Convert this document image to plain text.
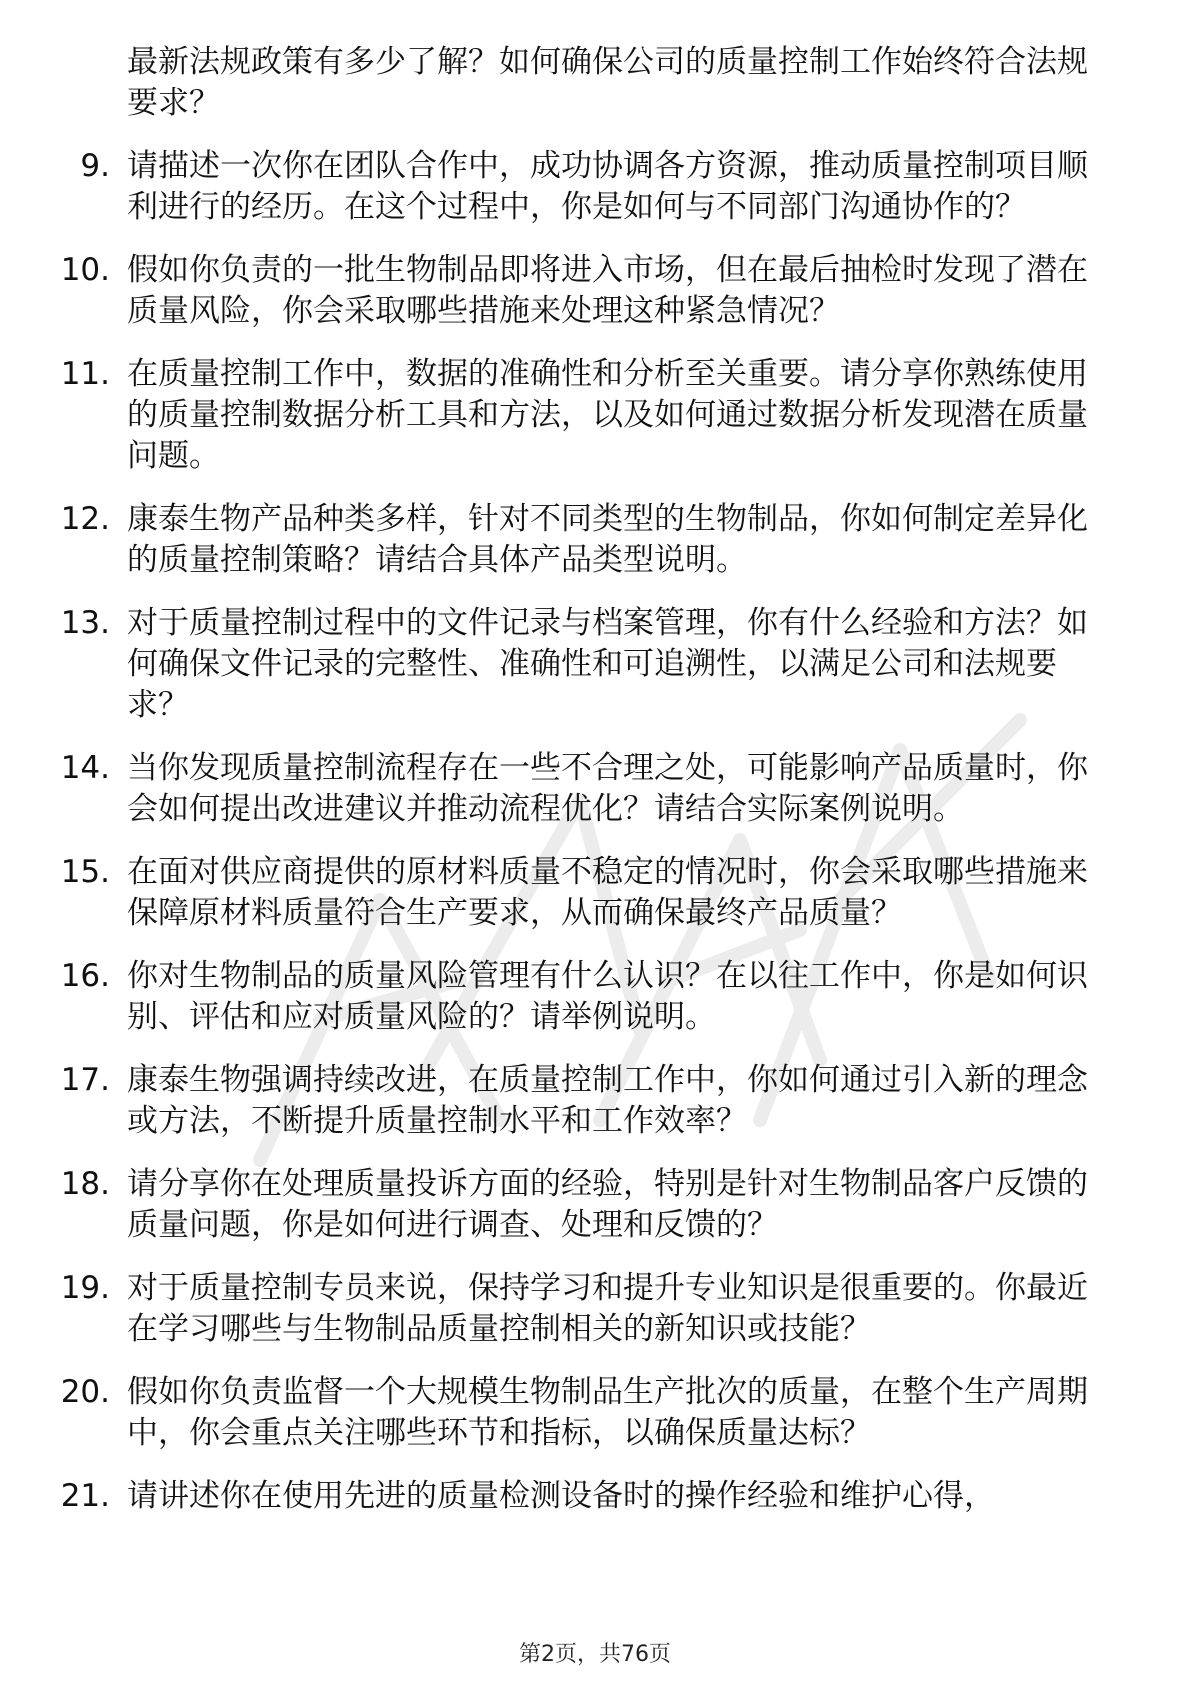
最新法规政策有多少了解？如何确保公司的质量控制工作始终符合法规要求？
9. 请描述一次你在团队合作中，成功协调各方资源，推动质量控制项目顺利进行的经历。在这个过程中，你是如何与不同部门沟通协作的？
10. 假如你负责的一批生物制品即将进入市场，但在最后抽检时发现了潜在质量风险，你会采取哪些措施来处理这种紧急情况？
11. 在质量控制工作中，数据的准确性和分析至关重要。请分享你熟练使用的质量控制数据分析工具和方法，以及如何通过数据分析发现潜在质量问题。
12. 康泰生物产品种类多样，针对不同类型的生物制品，你如何制定差异化的质量控制策略？请结合具体产品类型说明。
13. 对于质量控制过程中的文件记录与档案管理，你有什么经验和方法？如何确保文件记录的完整性、准确性和可追溯性，以满足公司和法规要求？
14. 当你发现质量控制流程存在一些不合理之处，可能影响产品质量时，你会如何提出改进建议并推动流程优化？请结合实际案例说明。
15. 在面对供应商提供的原材料质量不稳定的情况时，你会采取哪些措施来保障原材料质量符合生产要求，从而确保最终产品质量？
16. 你对生物制品的质量风险管理有什么认识？在以往工作中，你是如何识别、评估和应对质量风险的？请举例说明。
17. 康泰生物强调持续改进，在质量控制工作中，你如何通过引入新的理念或方法，不断提升质量控制水平和工作效率？
18. 请分享你在处理质量投诉方面的经验，特别是针对生物制品客户反馈的质量问题，你是如何进行调查、处理和反馈的？
19. 对于质量控制专员来说，保持学习和提升专业知识是很重要的。你最近在学习哪些与生物制品质量控制相关的新知识或技能？
20. 假如你负责监督一个大规模生物制品生产批次的质量，在整个生产周期中，你会重点关注哪些环节和指标，以确保质量达标？
21. 请讲述你在使用先进的质量检测设备时的操作经验和维护心得，
第2页，共76页
